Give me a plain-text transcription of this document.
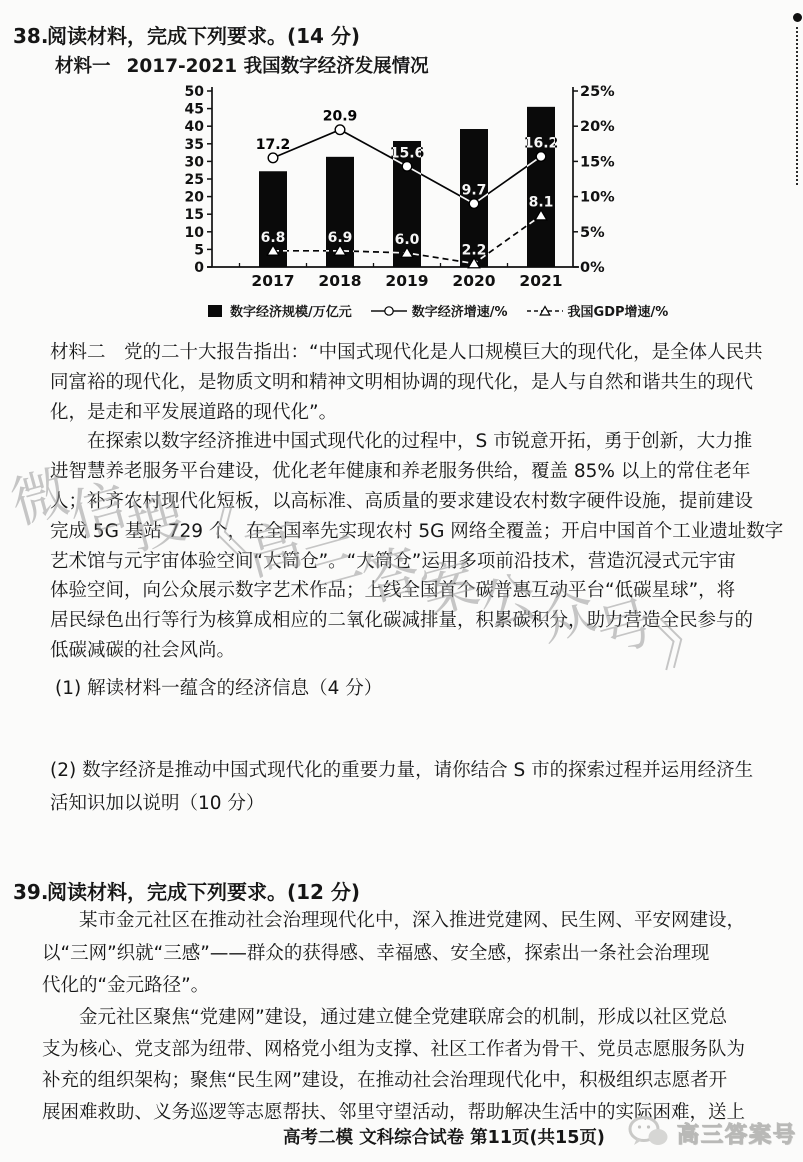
微信搜《高三答案公众号》
38.阅读材料，完成下列要求。(14 分)
材料一 2017-2021 我国数字经济发展情况
0
5
10
15
20
25
30
35
40
45
50
0%
5%
10%
15%
20%
25%
17.2
20.9
15.6
9.7
16.2
6.8	6.9	6.0
2.2
8.1
2017 2018 2019 2020 2021
数字经济规模/万亿元	数字经济增速/%	我国GDP增速/%
材料二　党的二十大报告指出：“中国式现代化是人口规模巨大的现代化，是全体人民共
同富裕的现代化，是物质文明和精神文明相协调的现代化，是人与自然和谐共生的现代
化，是走和平发展道路的现代化”。
　　在探索以数字经济推进中国式现代化的过程中，S 市锐意开拓，勇于创新，大力推
进智慧养老服务平台建设，优化老年健康和养老服务供给，覆盖 85% 以上的常住老年
人；补齐农村现代化短板，以高标准、高质量的要求建设农村数字硬件设施，提前建设
完成 5G 基站 729 个，在全国率先实现农村 5G 网络全覆盖；开启中国首个工业遗址数字
艺术馆与元宇宙体验空间“大筒仓”。“大筒仓”运用多项前沿技术，营造沉浸式元宇宙
体验空间，向公众展示数字艺术作品；上线全国首个碳普惠互动平台“低碳星球”，将
居民绿色出行等行为核算成相应的二氧化碳减排量，积累碳积分，助力营造全民参与的
低碳减碳的社会风尚。
(1) 解读材料一蕴含的经济信息（4 分）
(2) 数字经济是推动中国式现代化的重要力量，请你结合 S 市的探索过程并运用经济生
活知识加以说明（10 分）
39.阅读材料，完成下列要求。(12 分)
　　某市金元社区在推动社会治理现代化中，深入推进党建网、民生网、平安网建设，
以“三网”织就“三感”——群众的获得感、幸福感、安全感，探索出一条社会治理现
代化的“金元路径”。
　　金元社区聚焦“党建网”建设，通过建立健全党建联席会的机制，形成以社区党总
支为核心、党支部为纽带、网格党小组为支撑、社区工作者为骨干、党员志愿服务队为
补充的组织架构；聚焦“民生网”建设，在推动社会治理现代化中，积极组织志愿者开
展困难救助、义务巡逻等志愿帮扶、邻里守望活动，帮助解决生活中的实际困难，送上
高考二模 文科综合试卷 第11页(共15页)	高三答案号
